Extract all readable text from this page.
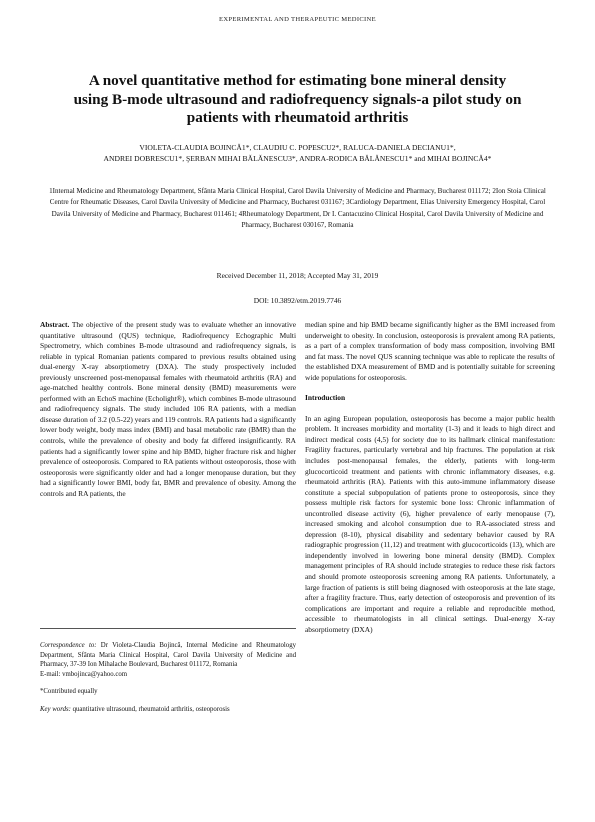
EXPERIMENTAL AND THERAPEUTIC MEDICINE
A novel quantitative method for estimating bone mineral density using B-mode ultrasound and radiofrequency signals-a pilot study on patients with rheumatoid arthritis
VIOLETA-CLAUDIA BOJINCĂ1*, CLAUDIU C. POPESCU2*, RALUCA-DANIELA DECIANU1*,
ANDREI DOBRESCU1*, ŞERBAN MIHAI BĂLĂNESCU3*, ANDRA-RODICA BĂLĂNESCU1* and MIHAI BOJINCĂ4*
1Internal Medicine and Rheumatology Department, Sfânta Maria Clinical Hospital, Carol Davila University of Medicine and Pharmacy, Bucharest 011172; 2Ion Stoia Clinical Centre for Rheumatic Diseases, Carol Davila University of Medicine and Pharmacy, Bucharest 031167; 3Cardiology Department, Elias University Emergency Hospital, Carol Davila University of Medicine and Pharmacy, Bucharest 011461; 4Rheumatology Department, Dr I. Cantacuzino Clinical Hospital, Carol Davila University of Medicine and Pharmacy, Bucharest 030167, Romania
Received December 11, 2018; Accepted May 31, 2019
DOI: 10.3892/etm.2019.7746
Abstract. The objective of the present study was to evaluate whether an innovative quantitative ultrasound (QUS) technique, Radiofrequency Echographic Multi Spectrometry, which combines B-mode ultrasound and radiofrequency signals, is reliable in typical Romanian patients compared to previous results obtained using dual-energy X-ray absorptiometry (DXA). The study prospectively included previously unscreened post-menopausal females with rheumatoid arthritis (RA) and age-matched healthy controls. Bone mineral density (BMD) measurements were performed with an EchoS machine (Echolight®), which combines B-mode ultrasound and radiofrequency signals. The study included 106 RA patients, with a median disease duration of 3.2 (0.5-22) years and 119 controls. RA patients had a significantly lower body weight, body mass index (BMI) and basal metabolic rate (BMR) than the controls, while the prevalence of obesity and body fat differed insignificantly. RA patients had a significantly lower spine and hip BMD, higher fracture risk and higher prevalence of osteoporosis. Compared to RA patients without osteoporosis, those with osteoporosis were significantly older and had a longer menopause duration, but they had a significantly lower BMI, body fat, BMR and prevalence of obesity. Among the controls and RA patients, the
Correspondence to: Dr Violeta-Claudia Bojincă, Internal Medicine and Rheumatology Department, Sfânta Maria Clinical Hospital, Carol Davila University of Medicine and Pharmacy, 37-39 Ion Mihalache Boulevard, Bucharest 011172, Romania
E-mail: vmbojinca@yahoo.com
*Contributed equally
Key words: quantitative ultrasound, rheumatoid arthritis, osteoporosis
median spine and hip BMD became significantly higher as the BMI increased from underweight to obesity. In conclusion, osteoporosis is prevalent among RA patients, as a part of a complex transformation of body mass composition, involving BMI and fat mass. The novel QUS scanning technique was able to replicate the results of the established DXA measurement of BMD and is potentially suitable for screening wide populations for osteoporosis.
Introduction
In an aging European population, osteoporosis has become a major public health problem. It increases morbidity and mortality (1-3) and it leads to high direct and indirect medical costs (4,5) for society due to its hallmark clinical manifestation: Fragility fractures, particularly vertebral and hip fractures. The population at risk includes post-menopausal females, the elderly, patients with long-term glucocorticoid treatment and patients with chronic inflammatory diseases, e.g. rheumatoid arthritis (RA). Patients with this auto-immune inflammatory disease constitute a special subpopulation of patients prone to osteoporosis, since they possess multiple risk factors for systemic bone loss: Chronic inflammation of uncontrolled disease activity (6), higher prevalence of early menopause (7), increased smoking and alcohol consumption due to RA-associated stress and depression (8-10), physical disability and sedentary behavior caused by RA radiographic progression (11,12) and treatment with glucocorticoids (13), which are independently involved in lowering bone mineral density (BMD). Complex management principles of RA should include strategies to reduce these risk factors and should promote osteoporosis screening among RA patients. Unfortunately, a large fraction of patients is still being diagnosed with osteoporosis at the late stage, after a fragility fracture. Thus, early detection of osteoporosis and prevention of its complications are important and require a reliable and reproducible method, accessible to rheumatologists in all clinical settings. Dual-energy X-ray absorptiometry (DXA)
